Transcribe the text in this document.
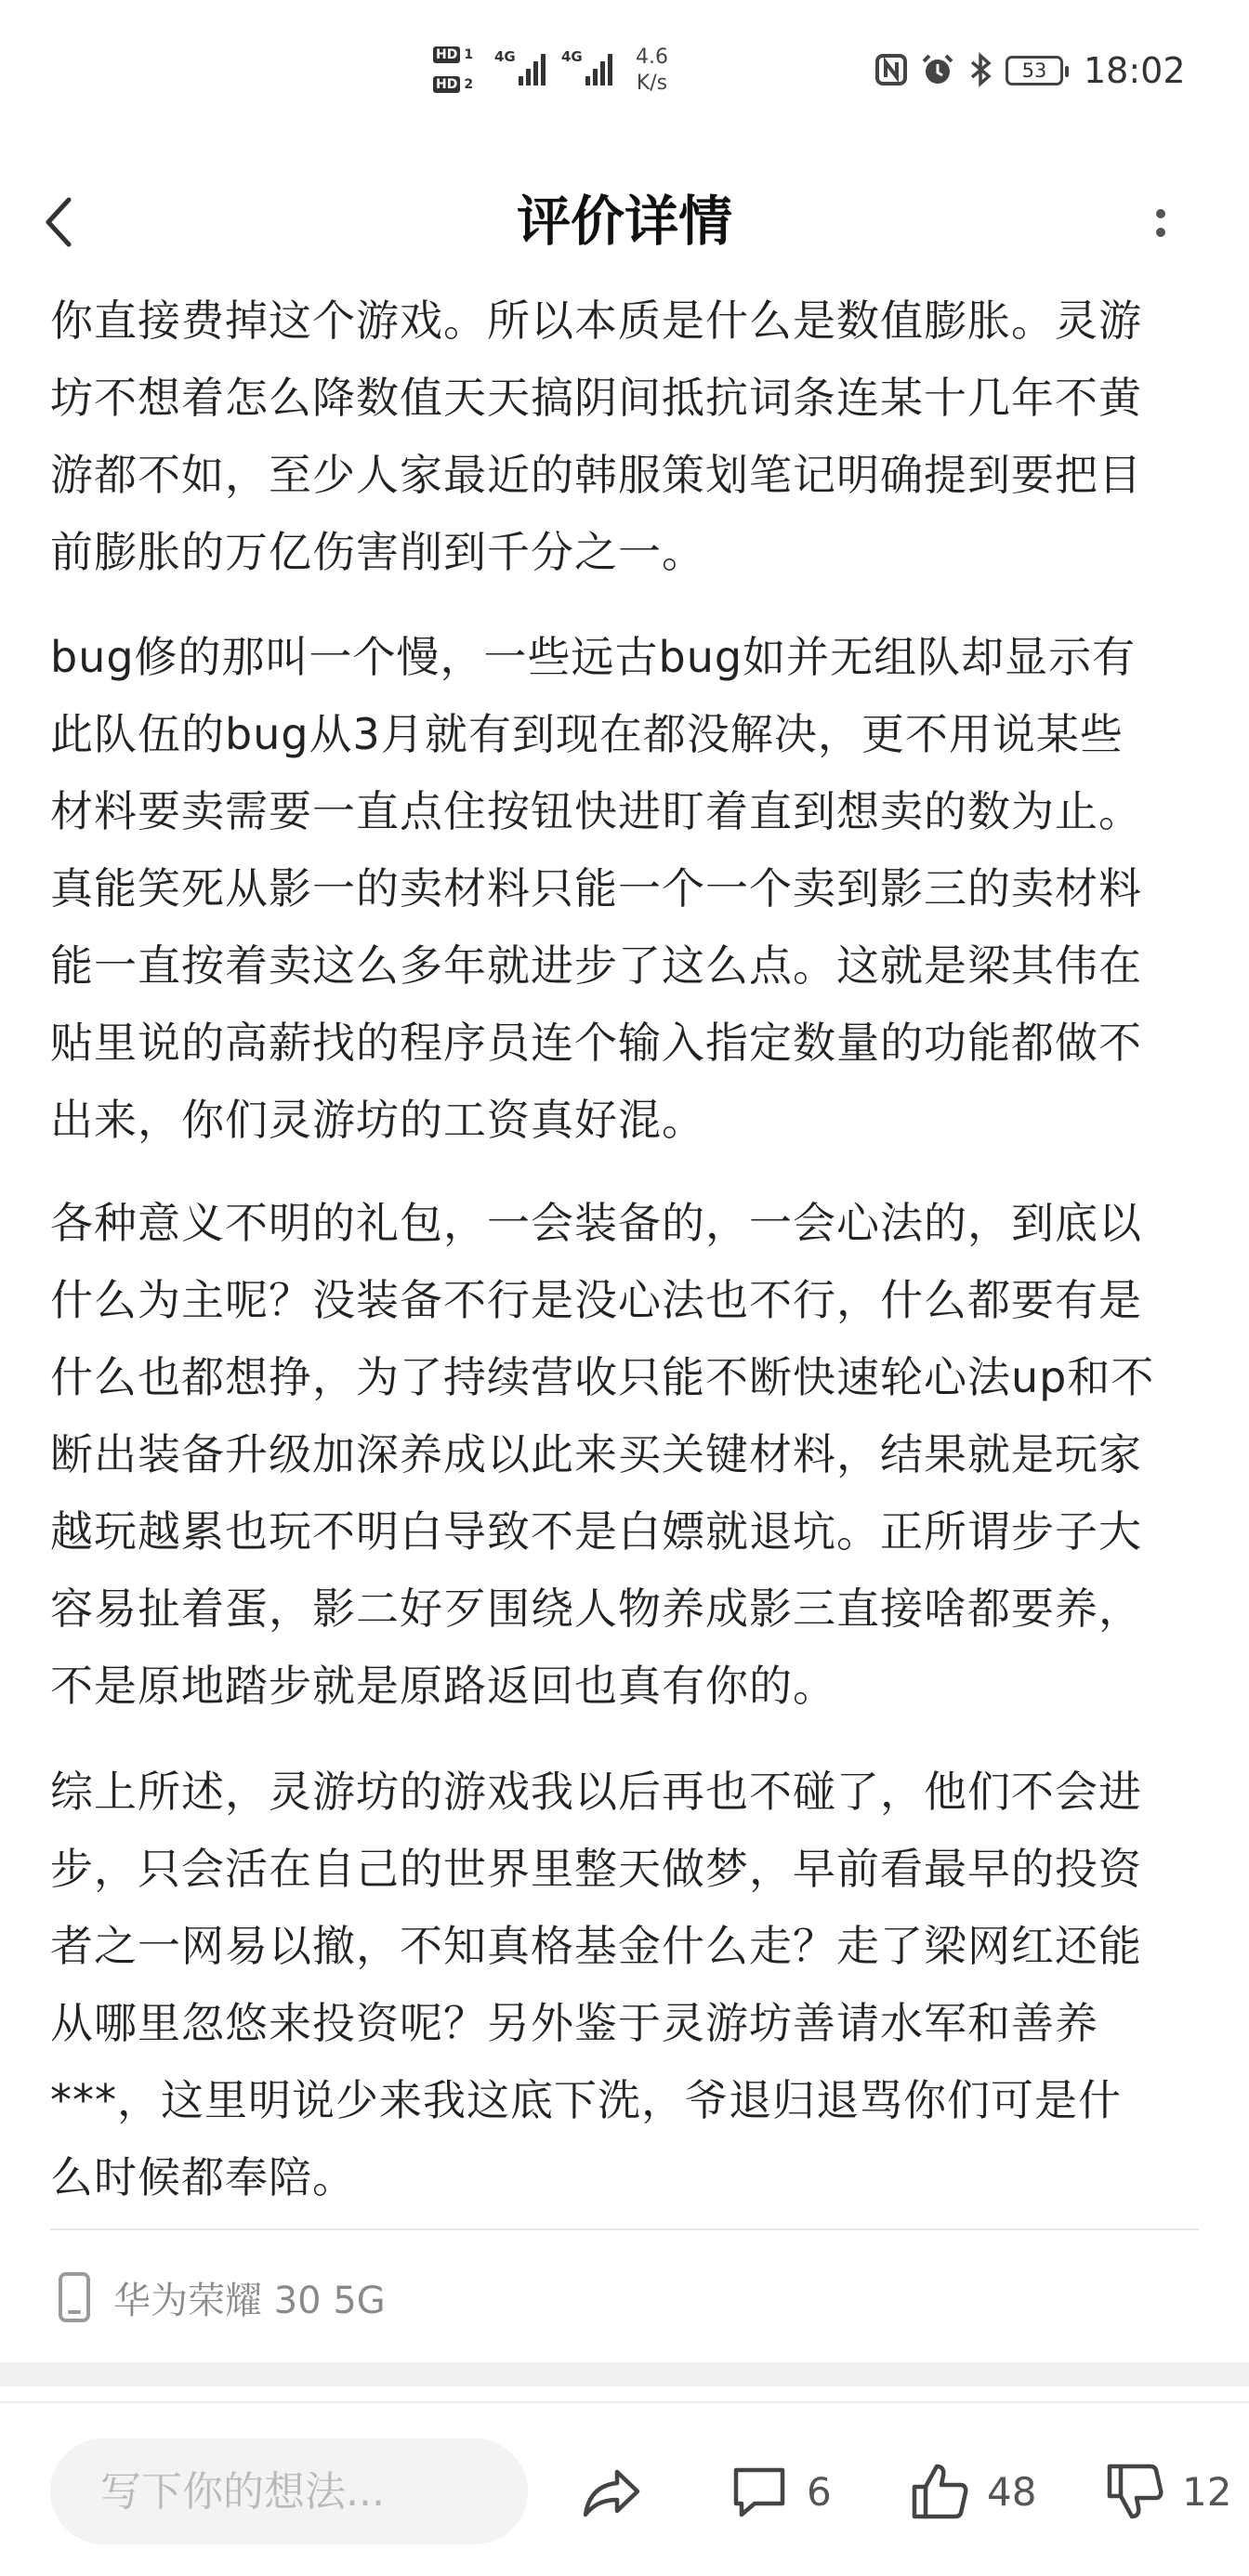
HD 1
HD 2
4G	4G	4.6
K/s
53	18:02
评价详情
你直接费掉这个游戏。所以本质是什么是数值膨胀。灵游
坊不想着怎么降数值天天搞阴间抵抗词条连某十几年不黄
游都不如，至少人家最近的韩服策划笔记明确提到要把目
前膨胀的万亿伤害削到千分之一。
bug修的那叫一个慢，一些远古bug如并无组队却显示有
此队伍的bug从3月就有到现在都没解决，更不用说某些
材料要卖需要一直点住按钮快进盯着直到想卖的数为止。
真能笑死从影一的卖材料只能一个一个卖到影三的卖材料
能一直按着卖这么多年就进步了这么点。这就是梁其伟在
贴里说的高薪找的程序员连个输入指定数量的功能都做不
出来，你们灵游坊的工资真好混。
各种意义不明的礼包，一会装备的，一会心法的，到底以
什么为主呢？没装备不行是没心法也不行，什么都要有是
什么也都想挣，为了持续营收只能不断快速轮心法up和不
断出装备升级加深养成以此来买关键材料，结果就是玩家
越玩越累也玩不明白导致不是白嫖就退坑。正所谓步子大
容易扯着蛋，影二好歹围绕人物养成影三直接啥都要养，
不是原地踏步就是原路返回也真有你的。
综上所述，灵游坊的游戏我以后再也不碰了，他们不会进
步，只会活在自己的世界里整天做梦，早前看最早的投资
者之一网易以撤，不知真格基金什么走？走了梁网红还能
从哪里忽悠来投资呢？另外鉴于灵游坊善请水军和善养
***，这里明说少来我这底下洗，爷退归退骂你们可是什
么时候都奉陪。
华为荣耀 30 5G
写下你的想法...
6	48	12
